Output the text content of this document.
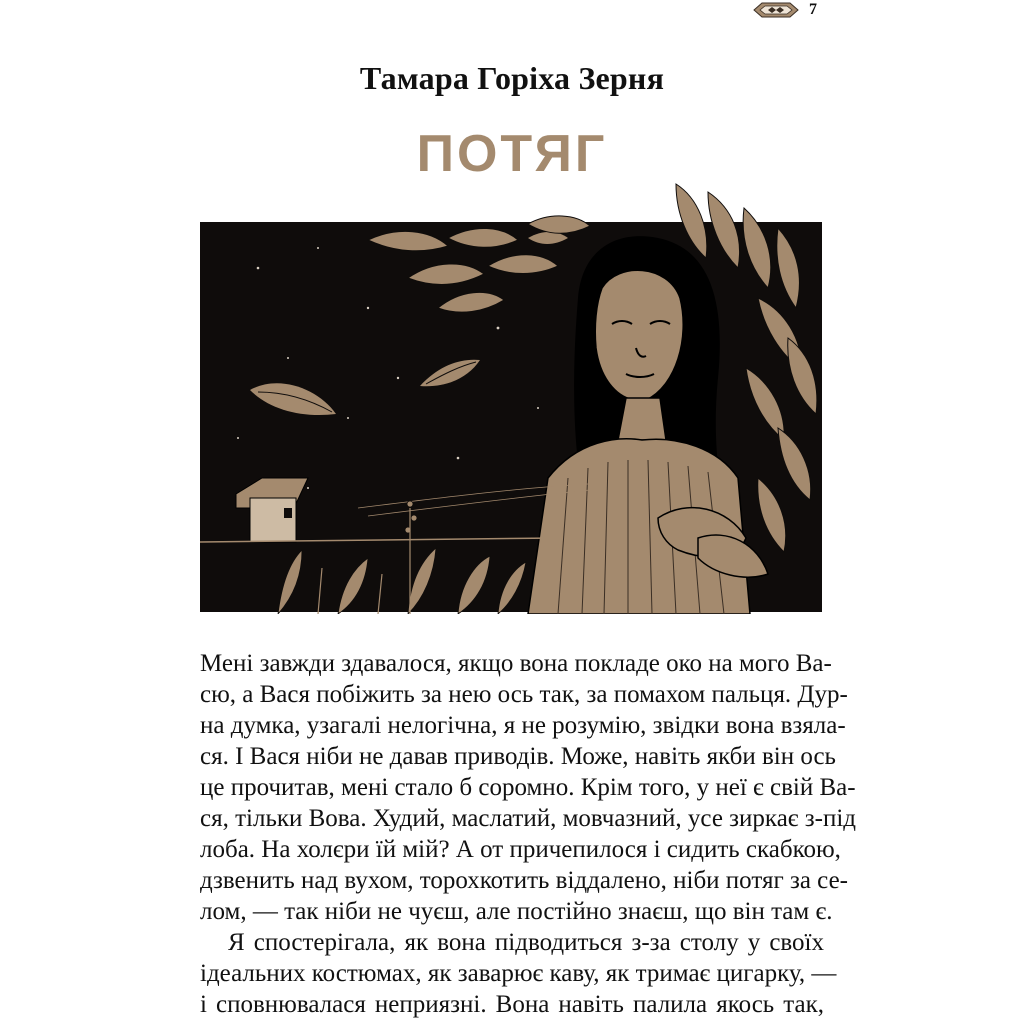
7
Тамара Горіха Зерня
ПОТЯГ

Мені завжди здавалося, якщо вона покладе око на мого Ва-
сю, а Вася побіжить за нею ось так, за помахом пальця. Дур-
на думка, узагалі нелогічна, я не розумію, звідки вона взяла-
ся. І Вася ніби не давав приводів. Може, навіть якби він ось
це прочитав, мені стало б соромно. Крім того, у неї є свій Ва-
ся, тільки Вова. Худий, маслатий, мовчазний, усе зиркає з-під
лоба. На холєри їй мій? А от причепилося і сидить скабкою,
дзвенить над вухом, торохкотить віддалено, ніби потяг за се-
лом, — так ніби не чуєш, але постійно знаєш, що він там є.

Я спостерігала, як вона підводиться з-за столу у своїх
ідеальних костюмах, як заварює каву, як тримає цигарку, —
і сповнювалася неприязні. Вона навіть палила якось так,
